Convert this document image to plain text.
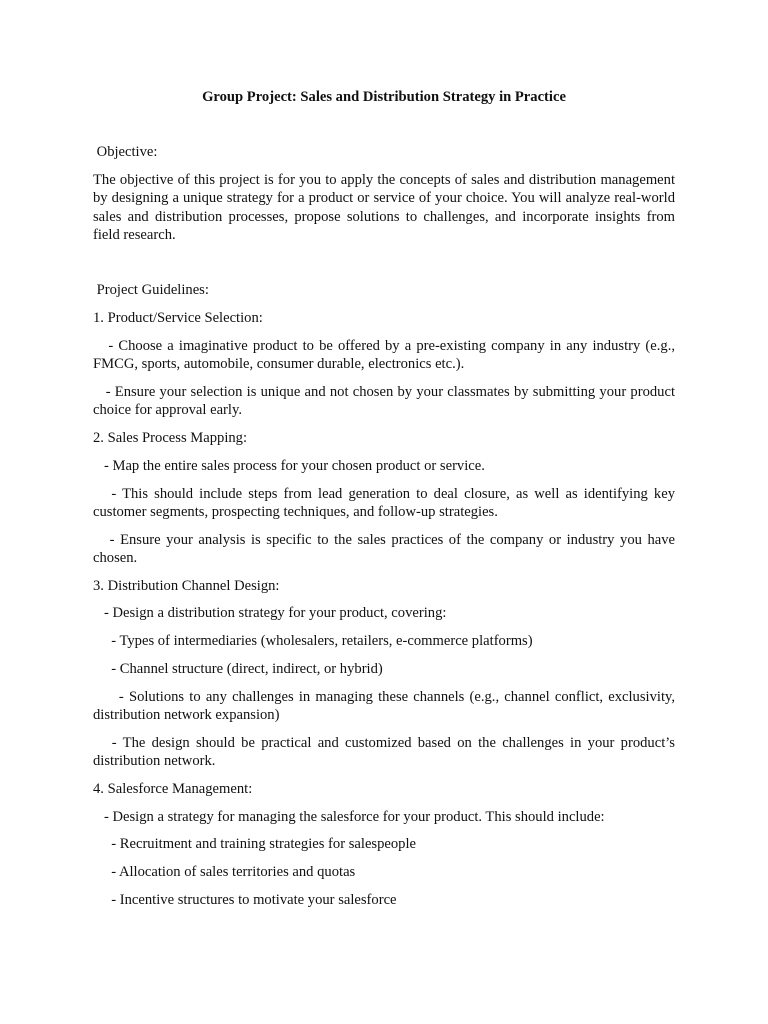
Group Project: Sales and Distribution Strategy in Practice

Objective:

The objective of this project is for you to apply the concepts of sales and distribution management by designing a unique strategy for a product or service of your choice. You will analyze real-world sales and distribution processes, propose solutions to challenges, and incorporate insights from field research.

Project Guidelines:

1. Product/Service Selection:

- Choose a imaginative product to be offered by a pre-existing company in any industry (e.g., FMCG, sports, automobile, consumer durable, electronics etc.).

- Ensure your selection is unique and not chosen by your classmates by submitting your product choice for approval early.

2. Sales Process Mapping:

- Map the entire sales process for your chosen product or service.

- This should include steps from lead generation to deal closure, as well as identifying key customer segments, prospecting techniques, and follow-up strategies.

- Ensure your analysis is specific to the sales practices of the company or industry you have chosen.

3. Distribution Channel Design:

- Design a distribution strategy for your product, covering:

- Types of intermediaries (wholesalers, retailers, e-commerce platforms)

- Channel structure (direct, indirect, or hybrid)

- Solutions to any challenges in managing these channels (e.g., channel conflict, exclusivity, distribution network expansion)

- The design should be practical and customized based on the challenges in your product’s distribution network.

4. Salesforce Management:

- Design a strategy for managing the salesforce for your product. This should include:

- Recruitment and training strategies for salespeople

- Allocation of sales territories and quotas

- Incentive structures to motivate your salesforce
